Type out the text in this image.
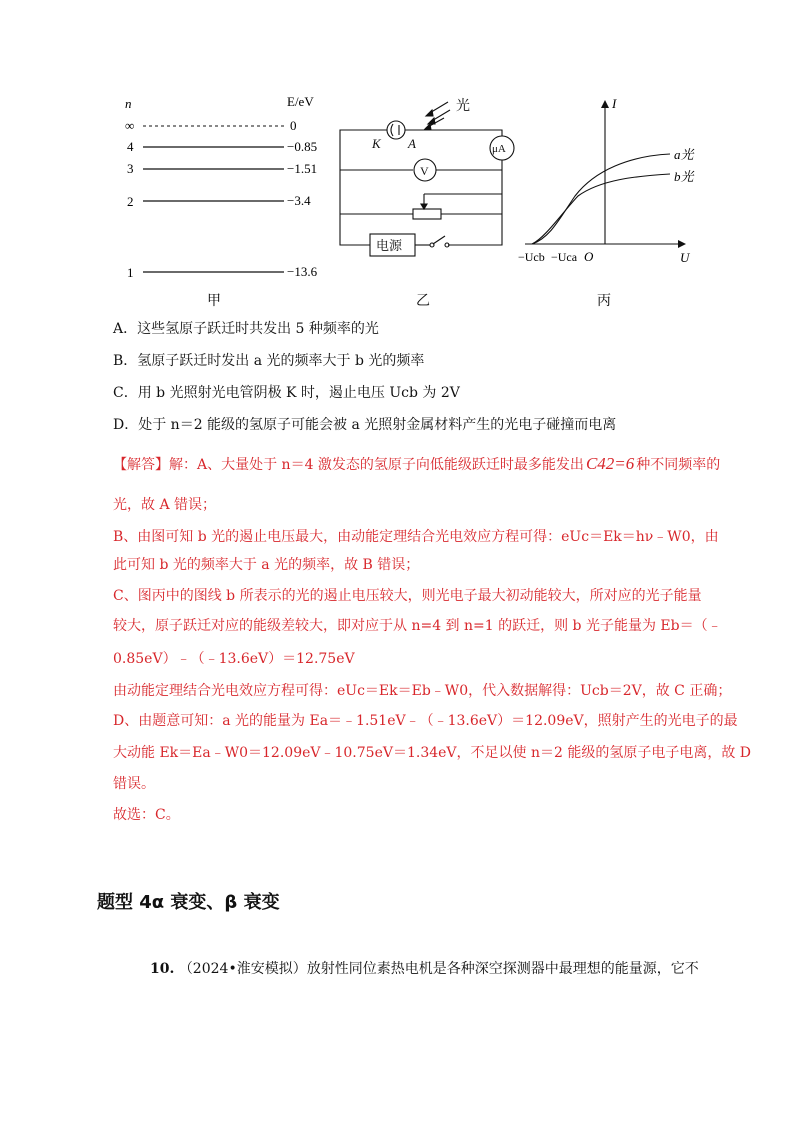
n	E/eV
∞	0
4	−0.85
3	−1.51
2	−3.4
1	−13.6
甲
光
K A	μA
V
电源
乙
I
U
O
a光
b光
−Ucb −Uca
丙
A．这些氢原子跃迁时共发出 5 种频率的光
B．氢原子跃迁时发出 a 光的频率大于 b 光的频率
C．用 b 光照射光电管阴极 K 时，遏止电压 Ucb 为 2V
D．处于 n＝2 能级的氢原子可能会被 a 光照射金属材料产生的光电子碰撞而电离
【解答】解：A、大量处于 n＝4 激发态的氢原子向低能级跃迁时最多能发出 C42=6 种不同频率的
光，故 A 错误；
B、由图可知 b 光的遏止电压最大，由动能定理结合光电效应方程可得：eUc＝Ek＝hν﹣W0，由
此可知 b 光的频率大于 a 光的频率，故 B 错误；
C、图丙中的图线 b 所表示的光的遏止电压较大，则光电子最大初动能较大，所对应的光子能量
较大，原子跃迁对应的能级差较大，即对应于从 n=4 到 n=1 的跃迁，则 b 光子能量为 Eb＝（﹣
0.85eV）﹣（﹣13.6eV）＝12.75eV
由动能定理结合光电效应方程可得：eUc＝Ek＝Eb﹣W0，代入数据解得：Ucb＝2V，故 C 正确；
D、由题意可知：a 光的能量为 Ea＝﹣1.51eV﹣（﹣13.6eV）＝12.09eV，照射产生的光电子的最
大动能 Ek＝Ea﹣W0＝12.09eV﹣10.75eV＝1.34eV，不足以使 n＝2 能级的氢原子电子电离，故 D
错误。
故选：C。
题型 4α 衰变、β 衰变
10. （2024•淮安模拟）放射性同位素热电机是各种深空探测器中最理想的能量源，它不
